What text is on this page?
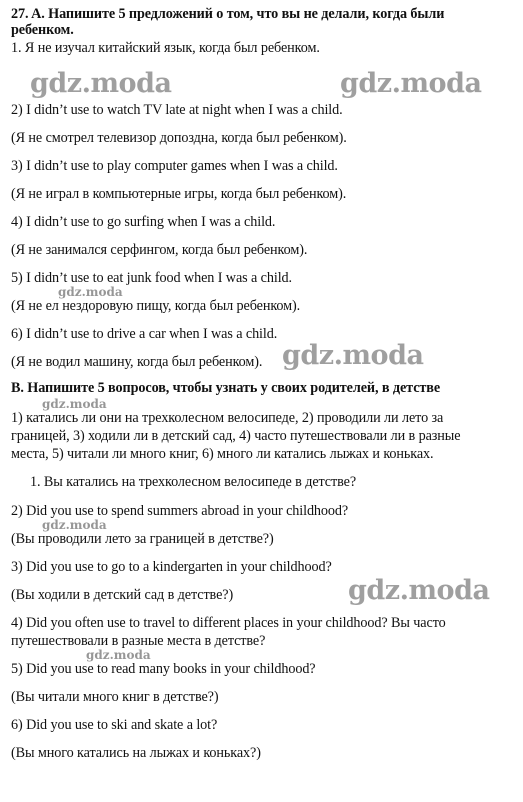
27. A. Напишите 5 предложений о том, что вы не делали, когда были
ребенком.
1. Я не изучал китайский язык, когда был ребенком.
2) I didn’t use to watch TV late at night when I was a child.
(Я не смотрел телевизор допоздна, когда был ребенком).
3) I didn’t use to play computer games when I was a child.
(Я не играл в компьютерные игры, когда был ребенком).
4) I didn’t use to go surfing when I was a child.
(Я не занимался серфингом, когда был ребенком).
5) I didn’t use to eat junk food when I was a child.
(Я не ел нездоровую пищу, когда был ребенком).
6) I didn’t use to drive a car when I was a child.
(Я не водил машину, когда был ребенком).
В. Напишите 5 вопросов, чтобы узнать у своих родителей, в детстве
1) катались ли они на трехколесном велосипеде, 2) проводили ли лето за
границей, 3) ходили ли в детский сад, 4) часто путешествовали ли в разные
места, 5) читали ли много книг, 6) много ли катались лыжах и коньках.
1. Вы катались на трехколесном велосипеде в детстве?
2) Did you use to spend summers abroad in your childhood?
(Вы проводили лето за границей в детстве?)
3) Did you use to go to a kindergarten in your childhood?
(Вы ходили в детский сад в детстве?)
4) Did you often use to travel to different places in your childhood? Вы часто
путешествовали в разные места в детстве?
5) Did you use to read many books in your childhood?
(Вы читали много книг в детстве?)
6) Did you use to ski and skate a lot?
(Вы много катались на лыжах и коньках?)
gdz.moda	gdz.moda
gdz.moda
gdz.moda
gdz.moda
gdz.moda
gdz.moda
gdz.moda
